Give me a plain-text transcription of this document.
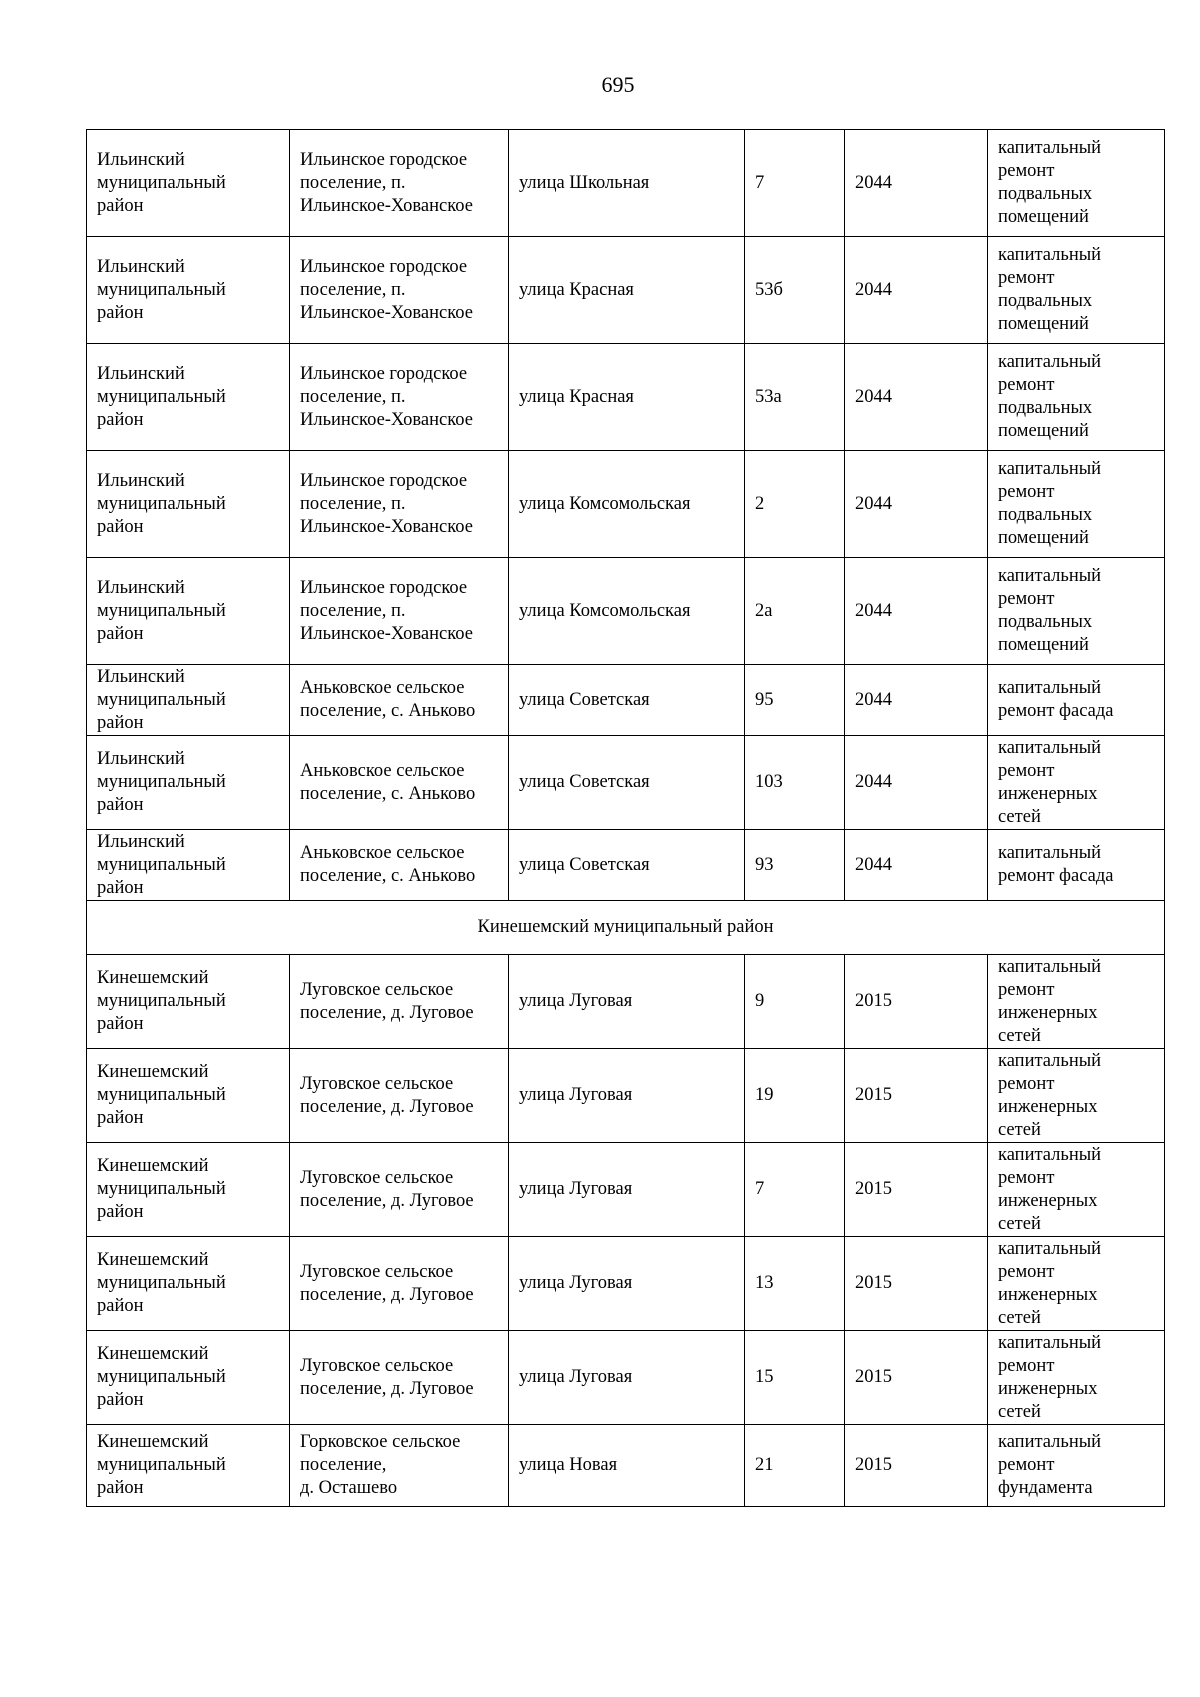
695
Ильинский
муниципальный
район	Ильинское городское
поселение, п.
Ильинское-Хованское	улица Школьная	7	2044	капитальный
ремонт
подвальных
помещений

Ильинский
муниципальный
район	Ильинское городское
поселение, п.
Ильинское-Хованское	улица Красная	53б	2044	капитальный
ремонт
подвальных
помещений

Ильинский
муниципальный
район	Ильинское городское
поселение, п.
Ильинское-Хованское	улица Красная	53а	2044	капитальный
ремонт
подвальных
помещений

Ильинский
муниципальный
район	Ильинское городское
поселение, п.
Ильинское-Хованское	улица Комсомольская	2	2044	капитальный
ремонт
подвальных
помещений

Ильинский
муниципальный
район	Ильинское городское
поселение, п.
Ильинское-Хованское	улица Комсомольская	2а	2044	капитальный
ремонт
подвальных
помещений

Ильинский
муниципальный
район	Аньковское сельское
поселение, с. Аньково	улица Советская	95	2044	капитальный
ремонт фасада

Ильинский
муниципальный
район	Аньковское сельское
поселение, с. Аньково	улица Советская	103	2044	капитальный
ремонт
инженерных
сетей

Ильинский
муниципальный
район	Аньковское сельское
поселение, с. Аньково	улица Советская	93	2044	капитальный
ремонт фасада

Кинешемский муниципальный район					

Кинешемский
муниципальный
район	Луговское сельское
поселение, д. Луговое	улица Луговая	9	2015	капитальный
ремонт
инженерных
сетей

Кинешемский
муниципальный
район	Луговское сельское
поселение, д. Луговое	улица Луговая	19	2015	капитальный
ремонт
инженерных
сетей

Кинешемский
муниципальный
район	Луговское сельское
поселение, д. Луговое	улица Луговая	7	2015	капитальный
ремонт
инженерных
сетей

Кинешемский
муниципальный
район	Луговское сельское
поселение, д. Луговое	улица Луговая	13	2015	капитальный
ремонт
инженерных
сетей

Кинешемский
муниципальный
район	Луговское сельское
поселение, д. Луговое	улица Луговая	15	2015	капитальный
ремонт
инженерных
сетей

Кинешемский
муниципальный
район	Горковское сельское
поселение,
д. Осташево	улица Новая	21	2015	капитальный
ремонт
фундамента
